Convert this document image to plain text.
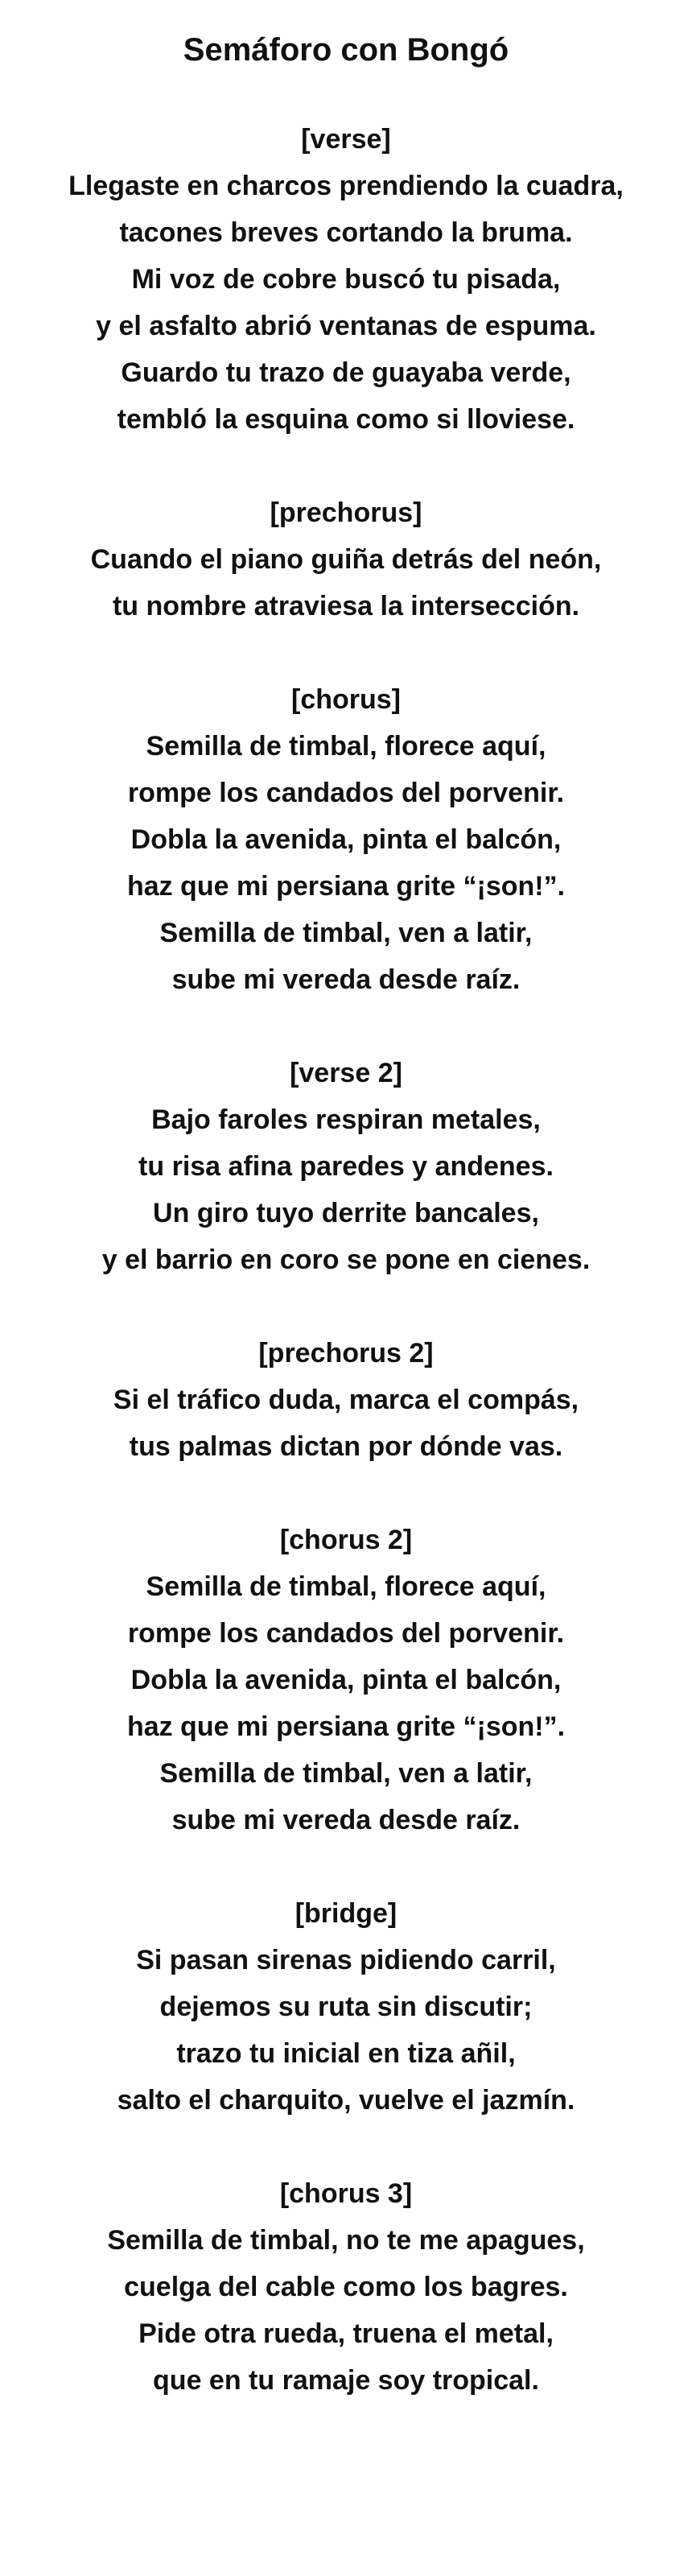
Semáforo con Bongó

[verse]

Llegaste en charcos prendiendo la cuadra,

tacones breves cortando la bruma.

Mi voz de cobre buscó tu pisada,

y el asfalto abrió ventanas de espuma.

Guardo tu trazo de guayaba verde,

tembló la esquina como si lloviese.

[prechorus]

Cuando el piano guiña detrás del neón,

tu nombre atraviesa la intersección.

[chorus]

Semilla de timbal, florece aquí,

rompe los candados del porvenir.

Dobla la avenida, pinta el balcón,

haz que mi persiana grite “¡son!”.

Semilla de timbal, ven a latir,

sube mi vereda desde raíz.

[verse 2]

Bajo faroles respiran metales,

tu risa afina paredes y andenes.

Un giro tuyo derrite bancales,

y el barrio en coro se pone en cienes.

[prechorus 2]

Si el tráfico duda, marca el compás,

tus palmas dictan por dónde vas.

[chorus 2]

Semilla de timbal, florece aquí,

rompe los candados del porvenir.

Dobla la avenida, pinta el balcón,

haz que mi persiana grite “¡son!”.

Semilla de timbal, ven a latir,

sube mi vereda desde raíz.

[bridge]

Si pasan sirenas pidiendo carril,

dejemos su ruta sin discutir;

trazo tu inicial en tiza añil,

salto el charquito, vuelve el jazmín.

[chorus 3]

Semilla de timbal, no te me apagues,

cuelga del cable como los bagres.

Pide otra rueda, truena el metal,

que en tu ramaje soy tropical.
